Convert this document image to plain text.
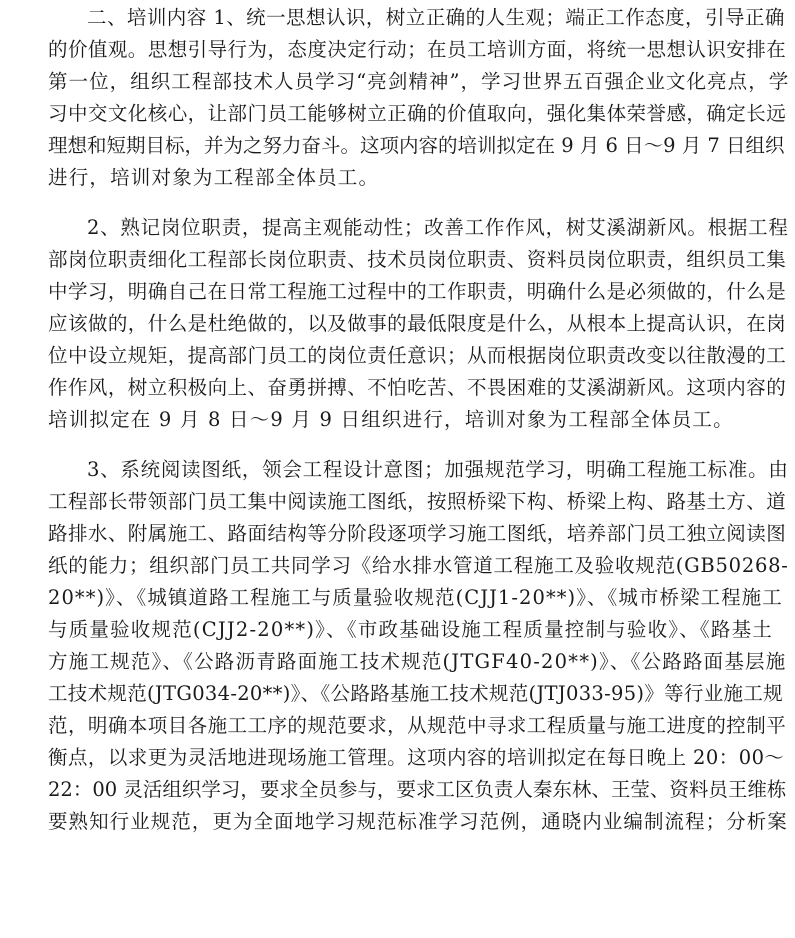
二、培训内容 1、统一思想认识，树立正确的人生观；端正工作态度，引导正确
的价值观。思想引导行为，态度决定行动；在员工培训方面，将统一思想认识安排在
第一位，组织工程部技术人员学习“亮剑精神”，学习世界五百强企业文化亮点，学
习中交文化核心，让部门员工能够树立正确的价值取向，强化集体荣誉感，确定长远
理想和短期目标，并为之努力奋斗。这项内容的培训拟定在 9 月 6 日～9 月 7 日组织
进行，培训对象为工程部全体员工。
2、熟记岗位职责，提高主观能动性；改善工作作风，树艾溪湖新风。根据工程
部岗位职责细化工程部长岗位职责、技术员岗位职责、资料员岗位职责，组织员工集
中学习，明确自己在日常工程施工过程中的工作职责，明确什么是必须做的，什么是
应该做的，什么是杜绝做的，以及做事的最低限度是什么，从根本上提高认识，在岗
位中设立规矩，提高部门员工的岗位责任意识；从而根据岗位职责改变以往散漫的工
作作风，树立积极向上、奋勇拼搏、不怕吃苦、不畏困难的艾溪湖新风。这项内容的
培训拟定在 9 月 8 日～9 月 9 日组织进行，培训对象为工程部全体员工。
3、系统阅读图纸，领会工程设计意图；加强规范学习，明确工程施工标准。由
工程部长带领部门员工集中阅读施工图纸，按照桥梁下构、桥梁上构、路基土方、道
路排水、附属施工、路面结构等分阶段逐项学习施工图纸，培养部门员工独立阅读图
纸的能力；组织部门员工共同学习《给水排水管道工程施工及验收规范(GB50268-
20**)》、《城镇道路工程施工与质量验收规范(CJJ1-20**)》、《城市桥梁工程施工
与质量验收规范(CJJ2-20**)》、《市政基础设施工程质量控制与验收》、《路基土
方施工规范》、《公路沥青路面施工技术规范(JTGF40-20**)》、《公路路面基层施
工技术规范(JTG034-20**)》、《公路路基施工技术规范(JTJ033-95)》等行业施工规
范，明确本项目各施工工序的规范要求，从规范中寻求工程质量与施工进度的控制平
衡点，以求更为灵活地进现场施工管理。这项内容的培训拟定在每日晚上 20：00～
22：00 灵活组织学习，要求全员参与，要求工区负责人秦东林、王莹、资料员王维栋
要熟知行业规范，更为全面地学习规范标准学习范例，通晓内业编制流程；分析案
